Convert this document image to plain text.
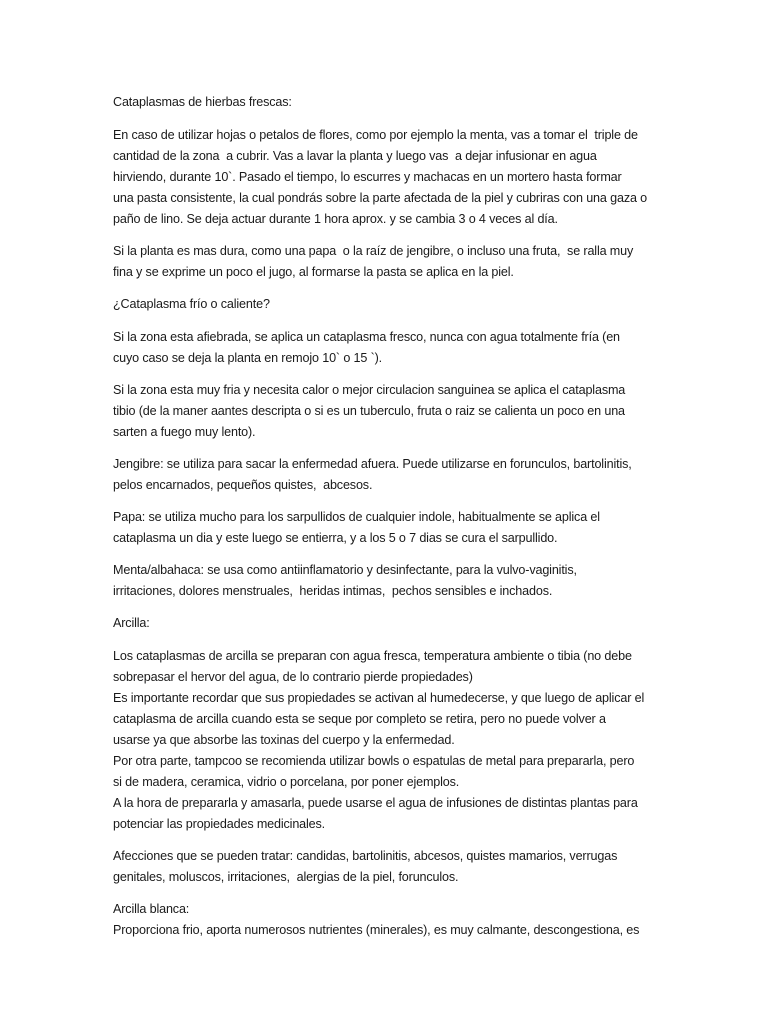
Cataplasmas de hierbas frescas:

En caso de utilizar hojas o petalos de flores, como por ejemplo la menta, vas a tomar el  triple de
cantidad de la zona  a cubrir. Vas a lavar la planta y luego vas  a dejar infusionar en agua
hirviendo, durante 10`. Pasado el tiempo, lo escurres y machacas en un mortero hasta formar
una pasta consistente, la cual pondrás sobre la parte afectada de la piel y cubriras con una gaza o
paño de lino. Se deja actuar durante 1 hora aprox. y se cambia 3 o 4 veces al día.

Si la planta es mas dura, como una papa  o la raíz de jengibre, o incluso una fruta,  se ralla muy
fina y se exprime un poco el jugo, al formarse la pasta se aplica en la piel.

¿Cataplasma frío o caliente?

Si la zona esta afiebrada, se aplica un cataplasma fresco, nunca con agua totalmente fría (en
cuyo caso se deja la planta en remojo 10` o 15 `).

Si la zona esta muy fria y necesita calor o mejor circulacion sanguinea se aplica el cataplasma
tibio (de la maner aantes descripta o si es un tuberculo, fruta o raiz se calienta un poco en una
sarten a fuego muy lento).

Jengibre: se utiliza para sacar la enfermedad afuera. Puede utilizarse en forunculos, bartolinitis,
pelos encarnados, pequeños quistes,  abcesos.

Papa: se utiliza mucho para los sarpullidos de cualquier indole, habitualmente se aplica el
cataplasma un dia y este luego se entierra, y a los 5 o 7 dias se cura el sarpullido.

Menta/albahaca: se usa como antiinflamatorio y desinfectante, para la vulvo-vaginitis,
irritaciones, dolores menstruales,  heridas intimas,  pechos sensibles e inchados.

Arcilla:

Los cataplasmas de arcilla se preparan con agua fresca, temperatura ambiente o tibia (no debe
sobrepasar el hervor del agua, de lo contrario pierde propiedades)
Es importante recordar que sus propiedades se activan al humedecerse, y que luego de aplicar el
cataplasma de arcilla cuando esta se seque por completo se retira, pero no puede volver a
usarse ya que absorbe las toxinas del cuerpo y la enfermedad.
Por otra parte, tampcoo se recomienda utilizar bowls o espatulas de metal para prepararla, pero
si de madera, ceramica, vidrio o porcelana, por poner ejemplos.
A la hora de prepararla y amasarla, puede usarse el agua de infusiones de distintas plantas para
potenciar las propiedades medicinales.

Afecciones que se pueden tratar: candidas, bartolinitis, abcesos, quistes mamarios, verrugas
genitales, moluscos, irritaciones,  alergias de la piel, forunculos.

Arcilla blanca:
Proporciona frio, aporta numerosos nutrientes (minerales), es muy calmante, descongestiona, es
